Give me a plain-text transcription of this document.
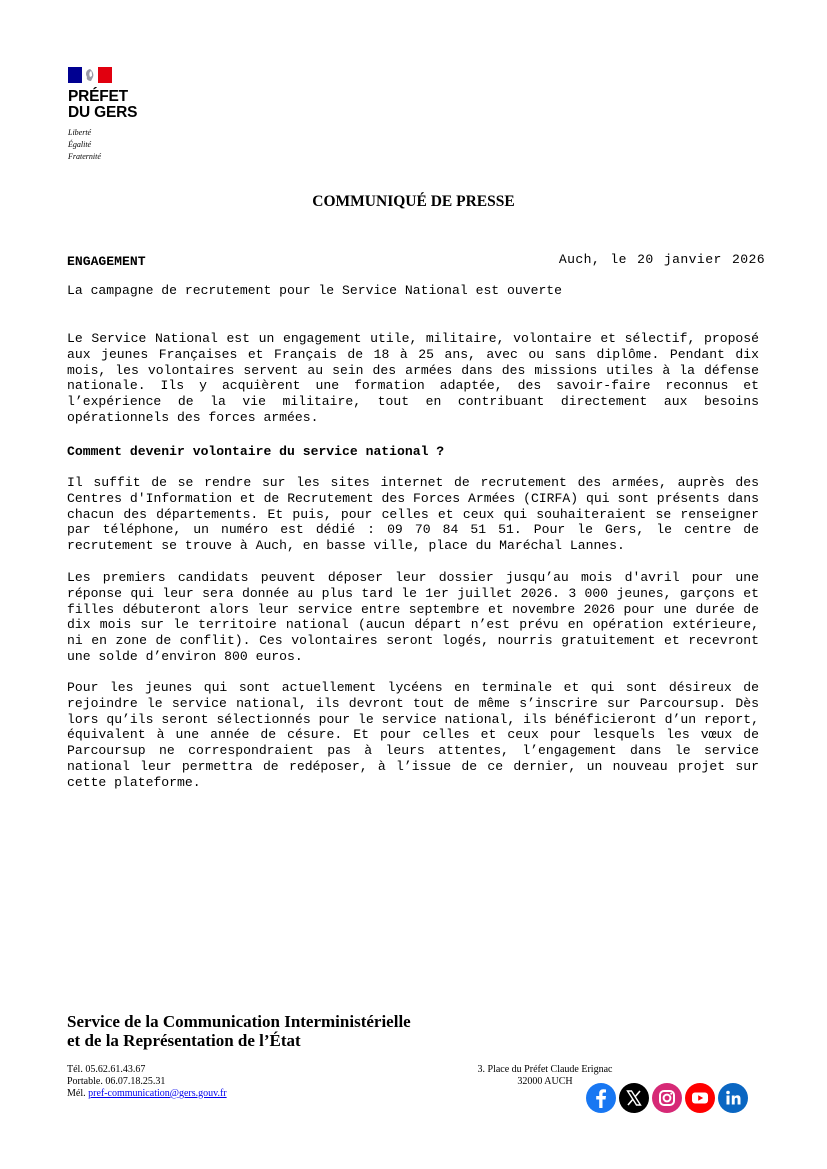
PRÉFET
DU GERS
Liberté
Égalité
Fraternité
COMMUNIQUÉ DE PRESSE
ENGAGEMENT	Auch, le 20 janvier 2026
La campagne de recrutement pour le Service National est ouverte

Le Service National est un engagement utile, militaire, volontaire et sélectif, proposé aux jeunes Françaises et Français de 18 à 25 ans, avec ou sans diplôme. Pendant dix mois, les volontaires servent au sein des armées dans des missions utiles à la défense nationale. Ils y acquièrent une formation adaptée, des savoir-faire reconnus et l’expérience de la vie militaire, tout en contribuant directement aux besoins opérationnels des forces armées.

Comment devenir volontaire du service national ?

Il suffit de se rendre sur les sites internet de recrutement des armées, auprès des Centres d'Information et de Recrutement des Forces Armées (CIRFA) qui sont présents dans chacun des départements. Et puis, pour celles et ceux qui souhaiteraient se renseigner par téléphone, un numéro est dédié : 09 70 84 51 51. Pour le Gers, le centre de recrutement se trouve à Auch, en basse ville, place du Maréchal Lannes.

Les premiers candidats peuvent déposer leur dossier jusqu’au mois d'avril pour une réponse qui leur sera donnée au plus tard le 1er juillet 2026. 3 000 jeunes, garçons et filles débuteront alors leur service entre septembre et novembre 2026 pour une durée de dix mois sur le territoire national (aucun départ n’est prévu en opération extérieure, ni en zone de conflit). Ces volontaires seront logés, nourris gratuitement et recevront une solde d’environ 800 euros.

Pour les jeunes qui sont actuellement lycéens en terminale et qui sont désireux de rejoindre le service national, ils devront tout de même s’inscrire sur Parcoursup. Dès lors qu’ils seront sélectionnés pour le service national, ils bénéficieront d’un report, équivalent à une année de césure. Et pour celles et ceux pour lesquels les vœux de Parcoursup ne correspondraient pas à leurs attentes, l’engagement dans le service national leur permettra de redéposer, à l’issue de ce dernier, un nouveau projet sur cette plateforme.

Service de la Communication Interministérielle
et de la Représentation de l’État
Tél. 05.62.61.43.67
Portable. 06.07.18.25.31
Mél. pref-communication@gers.gouv.fr
3. Place du Préfet Claude Erignac
32000 AUCH
